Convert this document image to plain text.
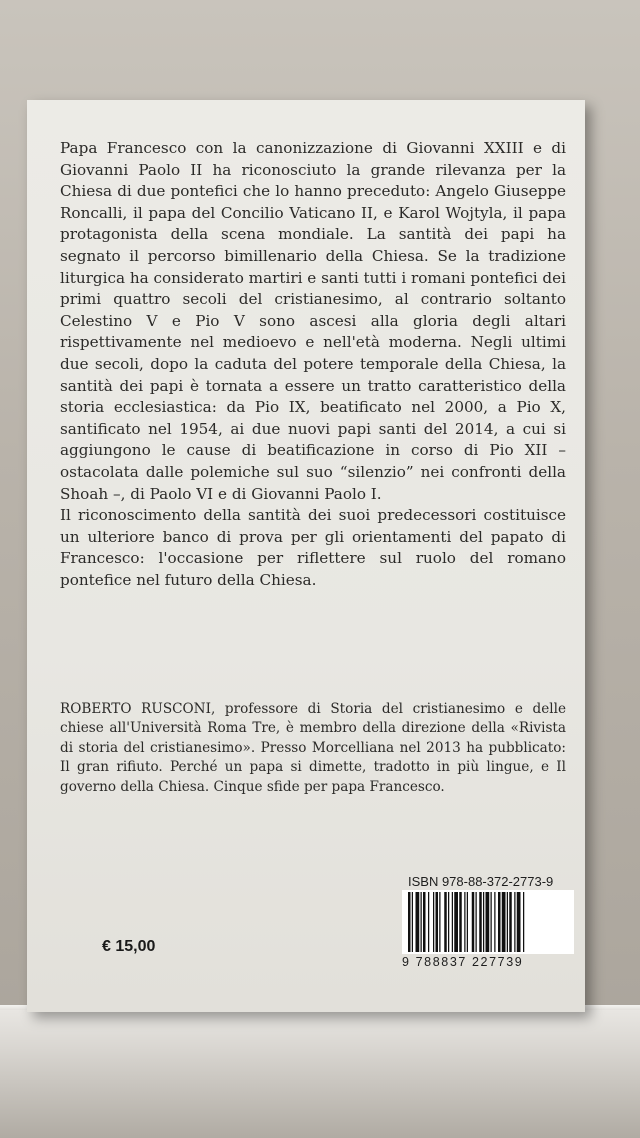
Papa Francesco con la canonizzazione di Giovanni XXIII e di Giovanni Paolo II ha riconosciuto la grande rilevanza per la Chiesa di due pontefici che lo hanno preceduto: Angelo Giuseppe Roncalli, il papa del Concilio Vaticano II, e Karol Wojtyla, il papa protagonista della scena mondiale. La santità dei papi ha segnato il percorso bimillenario della Chiesa. Se la tradizione liturgica ha considerato martiri e santi tutti i romani pontefici dei primi quattro secoli del cristianesimo, al contrario soltanto Celestino V e Pio V sono ascesi alla gloria degli altari rispettivamente nel medioevo e nell'età moderna. Negli ultimi due secoli, dopo la caduta del potere temporale della Chiesa, la santità dei papi è tornata a essere un tratto caratteristico della storia ecclesiastica: da Pio IX, beatificato nel 2000, a Pio X, santificato nel 1954, ai due nuovi papi santi del 2014, a cui si aggiungono le cause di beatificazione in corso di Pio XII – ostacolata dalle polemiche sul suo “silenzio” nei confronti della Shoah –, di Paolo VI e di Giovanni Paolo I.

Il riconoscimento della santità dei suoi predecessori costituisce un ulteriore banco di prova per gli orientamenti del papato di Francesco: l'occasione per riflettere sul ruolo del romano pontefice nel futuro della Chiesa.

ROBERTO RUSCONI, professore di Storia del cristianesimo e delle chiese all'Università Roma Tre, è membro della direzione della «Rivista di storia del cristianesimo». Presso Morcelliana nel 2013 ha pubblicato: Il gran rifiuto. Perché un papa si dimette, tradotto in più lingue, e Il governo della Chiesa. Cinque sfide per papa Francesco.

ISBN 978-88-372-2773-9
9 788837 227739
€ 15,00
